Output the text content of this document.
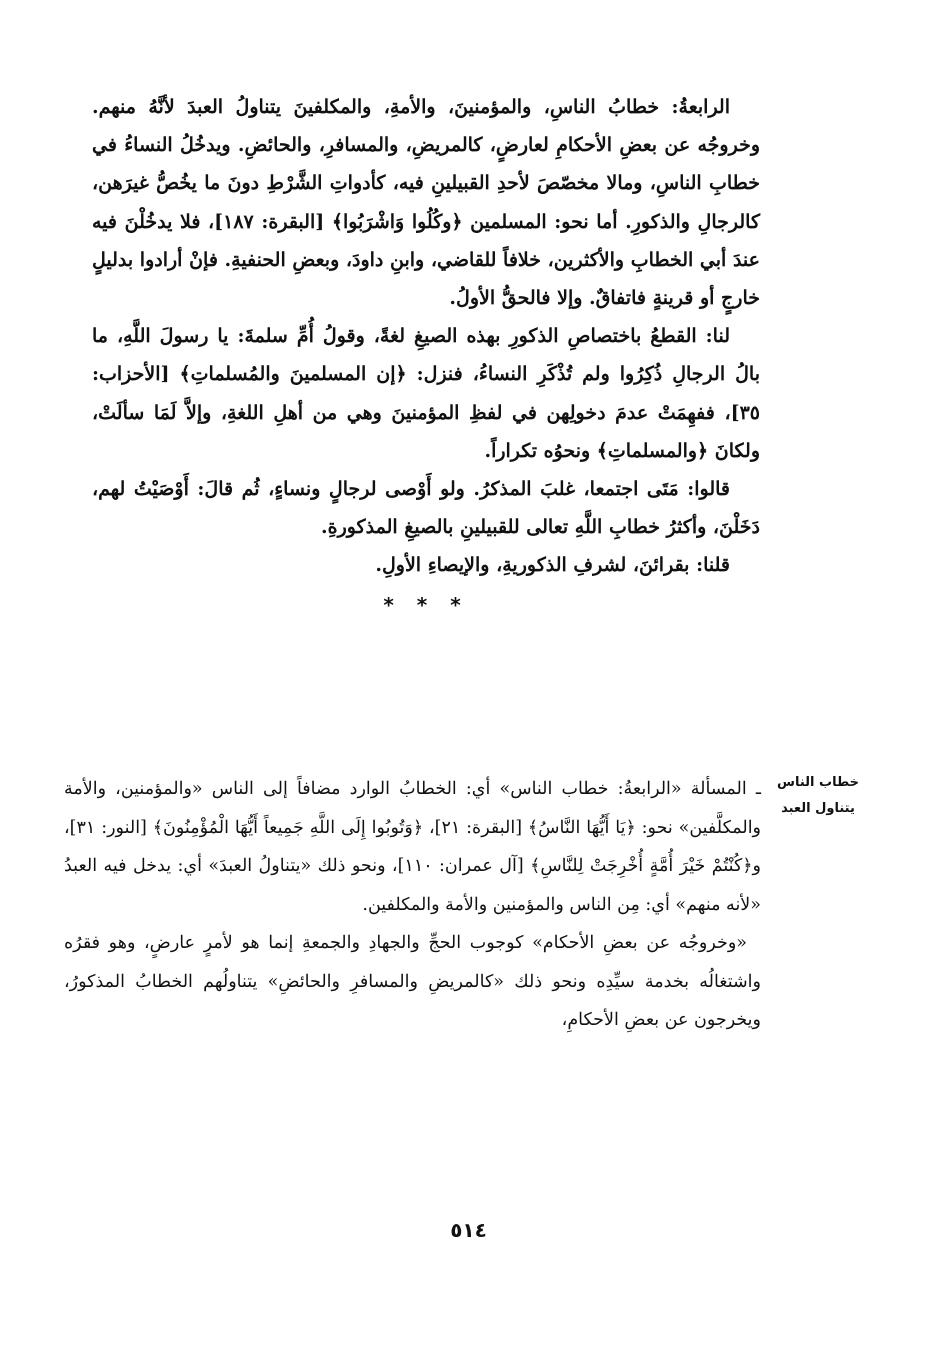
الرابعةُ: خطابُ الناسِ، والمؤمنينَ، والأمةِ، والمكلفينَ يتناولُ العبدَ لأنَّهُ منهم. وخروجُه عن بعضِ الأحكامِ لعارضٍ، كالمريضِ، والمسافرِ، والحائضِ. ويدخُلُ النساءُ في خطابِ الناسِ، ومالا مخصّصَ لأحدِ القبيلينِ فيه، كأدواتِ الشَّرْطِ دونَ ما يخُصُّ غيرَهن، كالرجالِ والذكورِ. أما نحو: المسلمين ﴿وكُلُوا وَاشْرَبُوا﴾ [البقرة: ١٨٧]، فلا يدخُلْنَ فيه عندَ أبي الخطابِ والأكثرين، خلافاً للقاضي، وابنِ داودَ، وبعضِ الحنفيةِ. فإنْ أرادوا بدليلٍ خارجٍ أو قرينةٍ فاتفاقٌ. وإلا فالحقُّ الأولُ.

لنا: القطعُ باختصاصِ الذكورِ بهذه الصيغِ لغةً، وقولُ أُمِّ سلمةَ: يا رسولَ اللَّهِ، ما بالُ الرجالِ ذُكِرُوا ولم تُذْكَرِ النساءُ، فنزل: ﴿إن المسلمينَ والمُسلماتِ﴾ [الأحزاب: ٣٥]، ففهِمَتْ عدمَ دخولِهن في لفظِ المؤمنينَ وهي من أهلِ اللغةِ، وإلاَّ لَمَا سألَتْ، ولكانَ ﴿والمسلماتِ﴾ ونحوُه تكراراً.

قالوا: مَتَى اجتمعا، غلبَ المذكرُ. ولو أَوْصى لرجالٍ ونساءٍ، ثُم قالَ: أَوْصَيْتُ لهم، دَخَلْنَ، وأكثرُ خطابِ اللَّهِ تعالى للقبيلينِ بالصيغِ المذكورةِ.

قلنا: بقرائنَ، لشرفِ الذكوريةِ، والإيصاءِ الأولِ.

* * *
خطاب الناس
يتناول العبد

ـ المسألة «الرابعةُ: خطاب الناس» أي: الخطابُ الوارد مضافاً إلى الناس «والمؤمنين، والأمة والمكلَّفين» نحو: ﴿يَا أَيُّهَا النَّاسُ﴾ [البقرة: ٢١]، ﴿وَتُوبُوا إِلَى اللَّهِ جَمِيعاً أَيُّهَا الْمُؤْمِنُونَ﴾ [النور: ٣١]، و﴿كُنْتُمْ خَيْرَ أُمَّةٍ أُخْرِجَتْ لِلنَّاسِ﴾ [آل عمران: ١١٠]، ونحو ذلك «يتناولُ العبدَ» أي: يدخل فيه العبدُ «لأنه منهم» أي: مِن الناس والمؤمنين والأمة والمكلفين.

«وخروجُه عن بعضِ الأحكام» كوجوب الحجِّ والجهادِ والجمعةِ إنما هو لأمرٍ عارضٍ، وهو فقرُه واشتغالُه بخدمة سيِّدِه ونحو ذلك «كالمريضِ والمسافرِ والحائضِ» يتناولُهم الخطابُ المذكورُ، ويخرجون عن بعضِ الأحكامِ،

٥١٤
